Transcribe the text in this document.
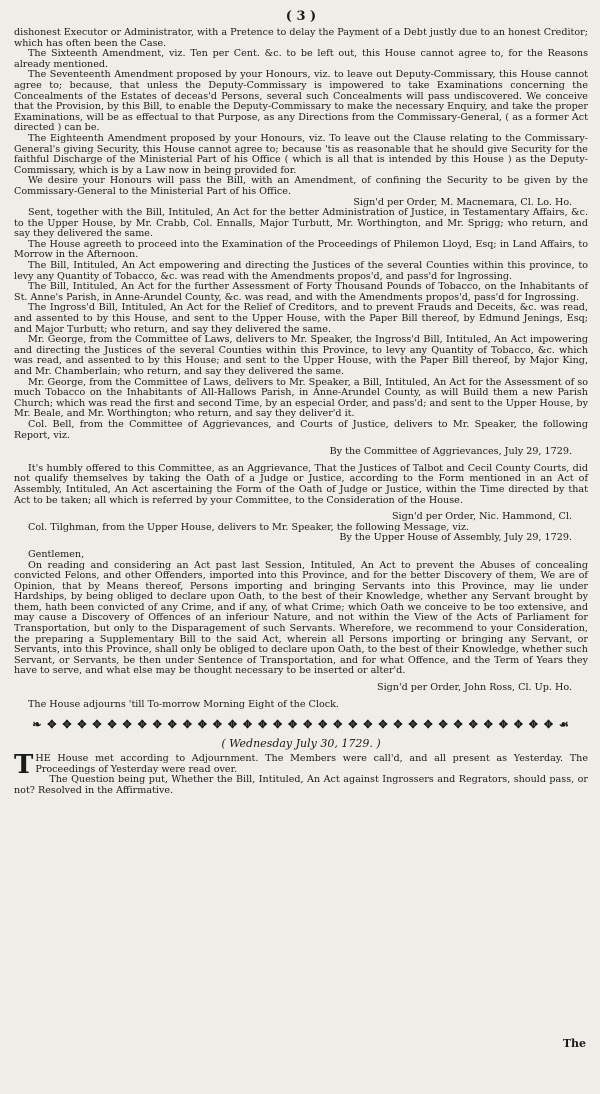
( 3 )

dishonest Executor or Administrator, with a Pretence to delay the Payment of a Debt justly due to an honest Creditor; which has often been the Case.

The Sixteenth Amendment, viz. Ten per Cent. &c. to be left out, this House cannot agree to, for the Reasons already mentioned.

The Seventeenth Amendment proposed by your Honours, viz. to leave out Deputy-Commissary, this House cannot agree to; because, that unless the Deputy-Commissary is impowered to take Examinations concerning the Concealments of the Estates of deceas'd Persons, several such Concealments will pass undiscovered. We conceive that the Provision, by this Bill, to enable the Deputy-Commissary to make the necessary Enquiry, and take the proper Examinations, will be as effectual to that Purpose, as any Directions from the Commissary-General, ( as a former Act directed ) can be.

The Eighteenth Amendment proposed by your Honours, viz. To leave out the Clause relating to the Commissary-General's giving Security, this House cannot agree to; because 'tis as reasonable that he should give Security for the faithful Discharge of the Ministerial Part of his Office ( which is all that is intended by this House ) as the Deputy-Commissary, which is by a Law now in being provided for.

We desire your Honours will pass the Bill, with an Amendment, of confining the Security to be given by the Commissary-General to the Ministerial Part of his Office.

Sign'd per Order, M. Macnemara, Cl. Lo. Ho.

Sent, together with the Bill, Intituled, An Act for the better Administration of Justice, in Testamentary Affairs, &c. to the Upper House, by Mr. Crabb, Col. Ennalls, Major Turbutt, Mr. Worthington, and Mr. Sprigg; who return, and say they delivered the same.

The House agreeth to proceed into the Examination of the Proceedings of Philemon Lloyd, Esq; in Land Affairs, to Morrow in the Afternoon.

The Bill, Intituled, An Act empowering and directing the Justices of the several Counties within this province, to levy any Quantity of Tobacco, &c. was read with the Amendments propos'd, and pass'd for Ingrossing.

The Bill, Intituled, An Act for the further Assessment of Forty Thousand Pounds of Tobacco, on the Inhabitants of St. Anne's Parish, in Anne-Arundel County, &c. was read, and with the Amendments propos'd, pass'd for Ingrossing.

The Ingross'd Bill, Intituled, An Act for the Relief of Creditors, and to prevent Frauds and Deceits, &c. was read, and assented to by this House, and sent to the Upper House, with the Paper Bill thereof, by Edmund Jenings, Esq; and Major Turbutt; who return, and say they delivered the same.

Mr. George, from the Committee of Laws, delivers to Mr. Speaker, the Ingross'd Bill, Intituled, An Act impowering and directing the Justices of the several Counties within this Province, to levy any Quantity of Tobacco, &c. which was read, and assented to by this House; and sent to the Upper House, with the Paper Bill thereof, by Major King, and Mr. Chamberlain; who return, and say they delivered the same.

Mr. George, from the Committee of Laws, delivers to Mr. Speaker, a Bill, Intituled, An Act for the Assessment of so much Tobacco on the Inhabitants of All-Hallows Parish, in Anne-Arundel County, as will Build them a new Parish Church; which was read the first and second Time, by an especial Order, and pass'd; and sent to the Upper House, by Mr. Beale, and Mr. Worthington; who return, and say they deliver'd it.

Col. Bell, from the Committee of Aggrievances, and Courts of Justice, delivers to Mr. Speaker, the following Report, viz.

By the Committee of Aggrievances, July 29, 1729.

It's humbly offered to this Committee, as an Aggrievance, That the Justices of Talbot and Cecil County Courts, did not qualify themselves by taking the Oath of a Judge or Justice, according to the Form mentioned in an Act of Assembly, Intituled, An Act ascertaining the Form of the Oath of Judge or Justice, within the Time directed by that Act to be taken; all which is referred by your Committee, to the Consideration of the House.

Sign'd per Order, Nic. Hammond, Cl.

Col. Tilghman, from the Upper House, delivers to Mr. Speaker, the following Message, viz.

By the Upper House of Assembly, July 29, 1729.

Gentlemen,

On reading and considering an Act past last Session, Intituled, An Act to prevent the Abuses of concealing convicted Felons, and other Offenders, imported into this Province, and for the better Discovery of them, We are of Opinion, that by Means thereof, Persons importing and bringing Servants into this Province, may lie under Hardships, by being obliged to declare upon Oath, to the best of their Knowledge, whether any Servant brought by them, hath been convicted of any Crime, and if any, of what Crime; which Oath we conceive to be too extensive, and may cause a Discovery of Offences of an inferiour Nature, and not within the View of the Acts of Parliament for Transportation, but only to the Disparagement of such Servants. Wherefore, we recommend to your Consideration, the preparing a Supplementary Bill to the said Act, wherein all Persons importing or bringing any Servant, or Servants, into this Province, shall only be obliged to declare upon Oath, to the best of their Knowledge, whether such Servant, or Servants, be then under Sentence of Transportation, and for what Offence, and the Term of Years they have to serve, and what else may be thought necessary to be inserted or alter'd.

Sign'd per Order, John Ross, Cl. Up. Ho.

The House adjourns 'till To-morrow Morning Eight of the Clock.

❧ ✥ ✥ ✥ ✥ ✥ ✥ ✥ ✥ ✥ ✥ ✥ ✥ ✥ ✥ ✥ ✥ ✥ ✥ ✥ ✥ ✥ ✥ ✥ ✥ ✥ ✥ ✥ ✥ ✥ ✥ ✥ ✥ ✥ ✥ ☙
( Wednesday July 30, 1729. )

THE House met according to Adjournment. The Members were call'd, and all present as Yesterday. The Proceedings of Yesterday were read over.

The Question being put, Whether the Bill, Intituled, An Act against Ingrossers and Regrators, should pass, or not? Resolved in the Affirmative.

The
